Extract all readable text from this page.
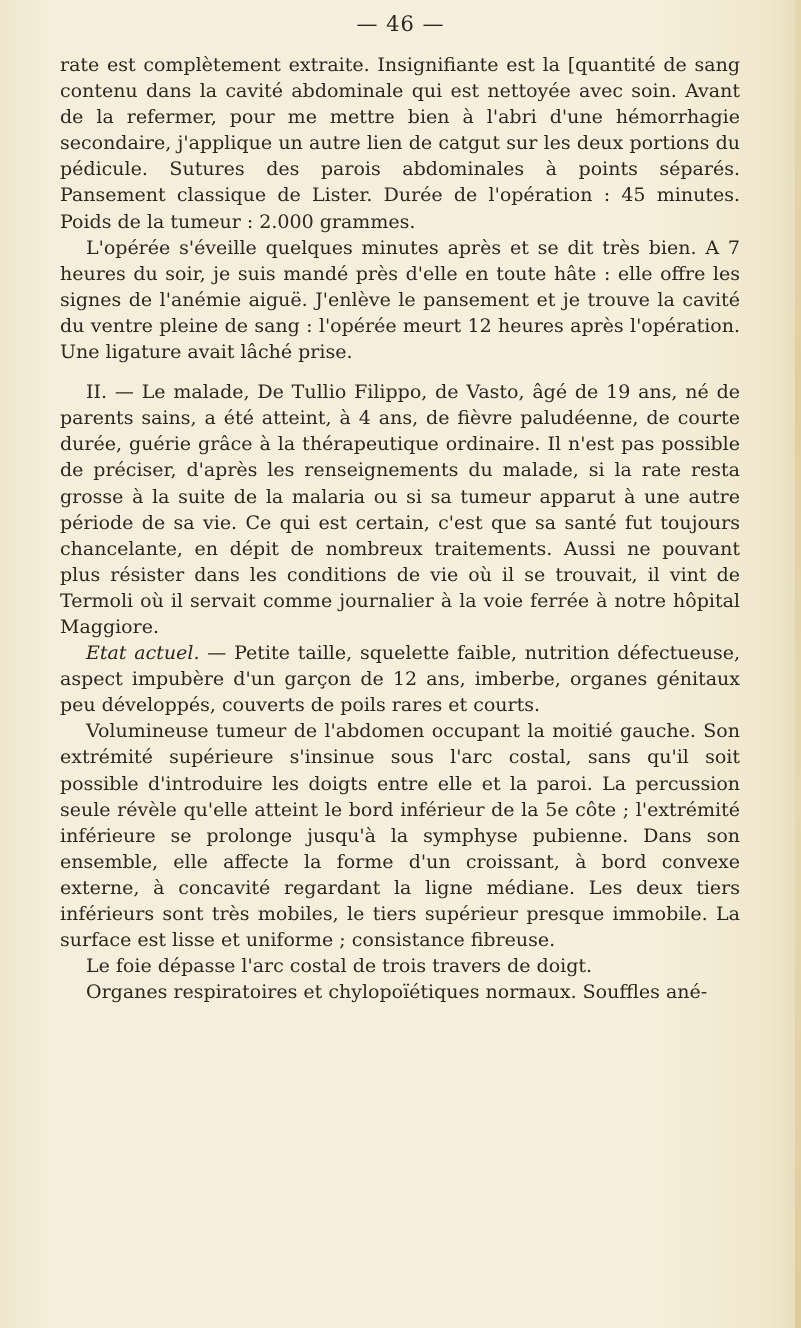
— 46 —

rate est complètement extraite. Insignifiante est la [quantité de sang contenu dans la cavité abdominale qui est nettoyée avec soin. Avant de la refermer, pour me mettre bien à l'abri d'une hémorrhagie secondaire, j'applique un autre lien de catgut sur les deux portions du pédicule. Sutures des parois abdominales à points séparés. Pansement classique de Lister. Durée de l'opération : 45 minutes. Poids de la tumeur : 2.000 grammes.

L'opérée s'éveille quelques minutes après et se dit très bien. A 7 heures du soir, je suis mandé près d'elle en toute hâte : elle offre les signes de l'anémie aiguë. J'enlève le pansement et je trouve la cavité du ventre pleine de sang : l'opérée meurt 12 heures après l'opération. Une ligature avait lâché prise.

II. — Le malade, De Tullio Filippo, de Vasto, âgé de 19 ans, né de parents sains, a été atteint, à 4 ans, de fièvre paludéenne, de courte durée, guérie grâce à la thérapeutique ordinaire. Il n'est pas possible de préciser, d'après les renseignements du malade, si la rate resta grosse à la suite de la malaria ou si sa tumeur apparut à une autre période de sa vie. Ce qui est certain, c'est que sa santé fut toujours chancelante, en dépit de nombreux traitements. Aussi ne pouvant plus résister dans les conditions de vie où il se trouvait, il vint de Termoli où il servait comme journalier à la voie ferrée à notre hôpital Maggiore.

Etat actuel. — Petite taille, squelette faible, nutrition défectueuse, aspect impubère d'un garçon de 12 ans, imberbe, organes génitaux peu développés, couverts de poils rares et courts.

Volumineuse tumeur de l'abdomen occupant la moitié gauche. Son extrémité supérieure s'insinue sous l'arc costal, sans qu'il soit possible d'introduire les doigts entre elle et la paroi. La percussion seule révèle qu'elle atteint le bord inférieur de la 5e côte ; l'extrémité inférieure se prolonge jusqu'à la symphyse pubienne. Dans son ensemble, elle affecte la forme d'un croissant, à bord convexe externe, à concavité regardant la ligne médiane. Les deux tiers inférieurs sont très mobiles, le tiers supérieur presque immobile. La surface est lisse et uniforme ; consistance fibreuse.

Le foie dépasse l'arc costal de trois travers de doigt.

Organes respiratoires et chylopoïétiques normaux. Souffles ané-
